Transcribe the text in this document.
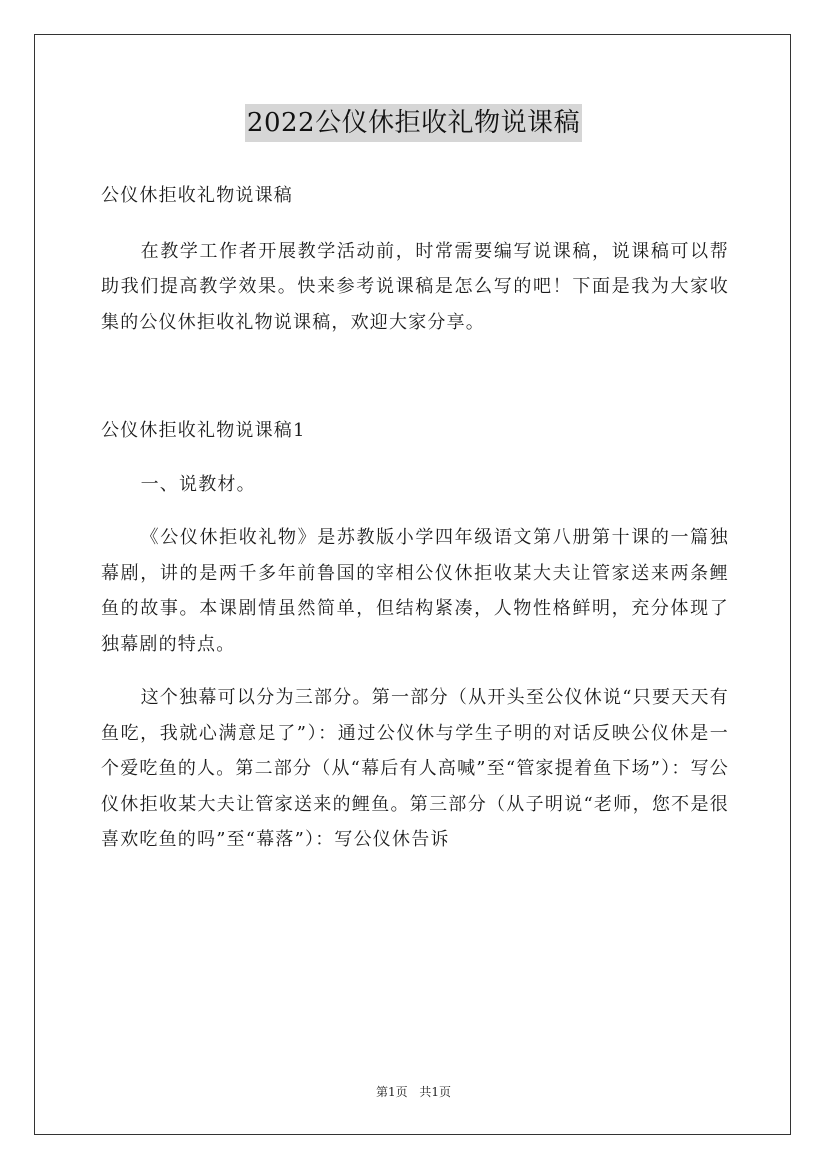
2022公仪休拒收礼物说课稿

公仪休拒收礼物说课稿

在教学工作者开展教学活动前，时常需要编写说课稿，说课稿可以帮助我们提高教学效果。快来参考说课稿是怎么写的吧！下面是我为大家收集的公仪休拒收礼物说课稿，欢迎大家分享。

公仪休拒收礼物说课稿1

一、说教材。

《公仪休拒收礼物》是苏教版小学四年级语文第八册第十课的一篇独幕剧，讲的是两千多年前鲁国的宰相公仪休拒收某大夫让管家送来两条鲤鱼的故事。本课剧情虽然简单，但结构紧凑，人物性格鲜明，充分体现了独幕剧的特点。

这个独幕可以分为三部分。第一部分（从开头至公仪休说“只要天天有鱼吃，我就心满意足了”）：通过公仪休与学生子明的对话反映公仪休是一个爱吃鱼的人。第二部分（从“幕后有人高喊”至“管家提着鱼下场”）：写公仪休拒收某大夫让管家送来的鲤鱼。第三部分（从子明说“老师，您不是很喜欢吃鱼的吗”至“幕落”）：写公仪休告诉

第1页 共1页
